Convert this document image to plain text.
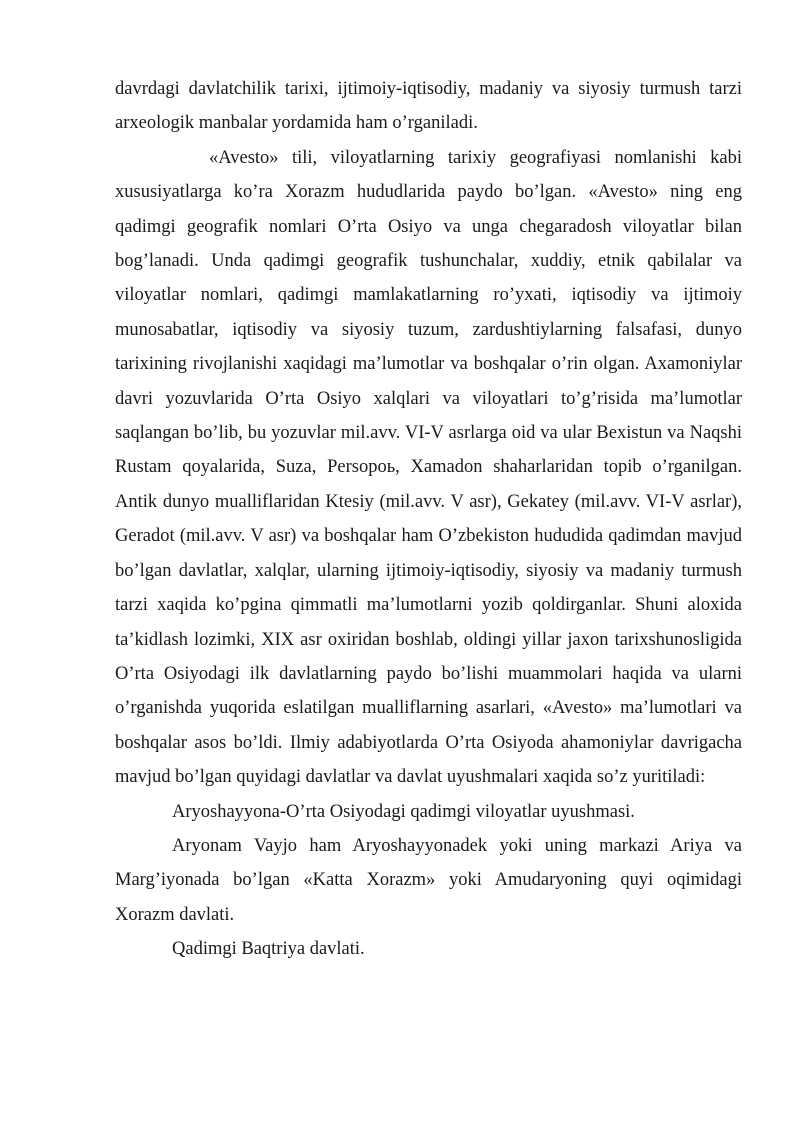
davrdagi davlatchilik tarixi, ijtimoiy-iqtisodiy, madaniy va siyosiy turmush tarzi arxeologik manbalar yordamida ham o’rganiladi.

«Avesto» tili, viloyatlarning tarixiy geografiyasi nomlanishi kabi xususiyatlarga ko’ra Xorazm hududlarida paydo bo’lgan. «Avesto» ning eng qadimgi geografik nomlari O’rta Osiyo va unga chegaradosh viloyatlar bilan bog’lanadi. Unda qadimgi geografik tushunchalar, xuddiy, etnik qabilalar va viloyatlar nomlari, qadimgi mamlakatlarning ro’yxati, iqtisodiy va ijtimoiy munosabatlar, iqtisodiy va siyosiy tuzum, zardushtiylarning falsafasi, dunyo tarixining rivojlanishi xaqidagi ma’lumotlar va boshqalar o’rin olgan. Axamoniylar davri yozuvlarida O’rta Osiyo xalqlari va viloyatlari to’g’risida ma’lumotlar saqlangan bo’lib, bu yozuvlar mil.avv. VI-V asrlarga oid va ular Bexistun va Naqshi Rustam qoyalarida, Suza, Persopoь, Xamadon shaharlaridan topib o’rganilgan. Antik dunyo mualliflaridan Ktesiy (mil.avv. V asr), Gekatey (mil.avv. VI-V asrlar), Geradot (mil.avv. V asr) va boshqalar ham O’zbekiston hududida qadimdan mavjud bo’lgan davlatlar, xalqlar, ularning ijtimoiy-iqtisodiy, siyosiy va madaniy turmush tarzi xaqida ko’pgina qimmatli ma’lumotlarni yozib qoldirganlar. Shuni aloxida ta’kidlash lozimki, XIX asr oxiridan boshlab, oldingi yillar jaxon tarixshunosligida O’rta Osiyodagi ilk davlatlarning paydo bo’lishi muammolari haqida va ularni o’rganishda yuqorida eslatilgan mualliflarning asarlari, «Avesto» ma’lumotlari va boshqalar asos bo’ldi. Ilmiy adabiyotlarda O’rta Osiyoda ahamoniylar davrigacha mavjud bo’lgan quyidagi davlatlar va davlat uyushmalari xaqida so’z yuritiladi:

Aryoshayyona-O’rta Osiyodagi qadimgi viloyatlar uyushmasi.

Aryonam Vayjo ham Aryoshayyonadek yoki uning markazi Ariya va Marg’iyonada bo’lgan «Katta Xorazm» yoki Amudaryoning quyi oqimidagi Xorazm davlati.

Qadimgi Baqtriya davlati.
